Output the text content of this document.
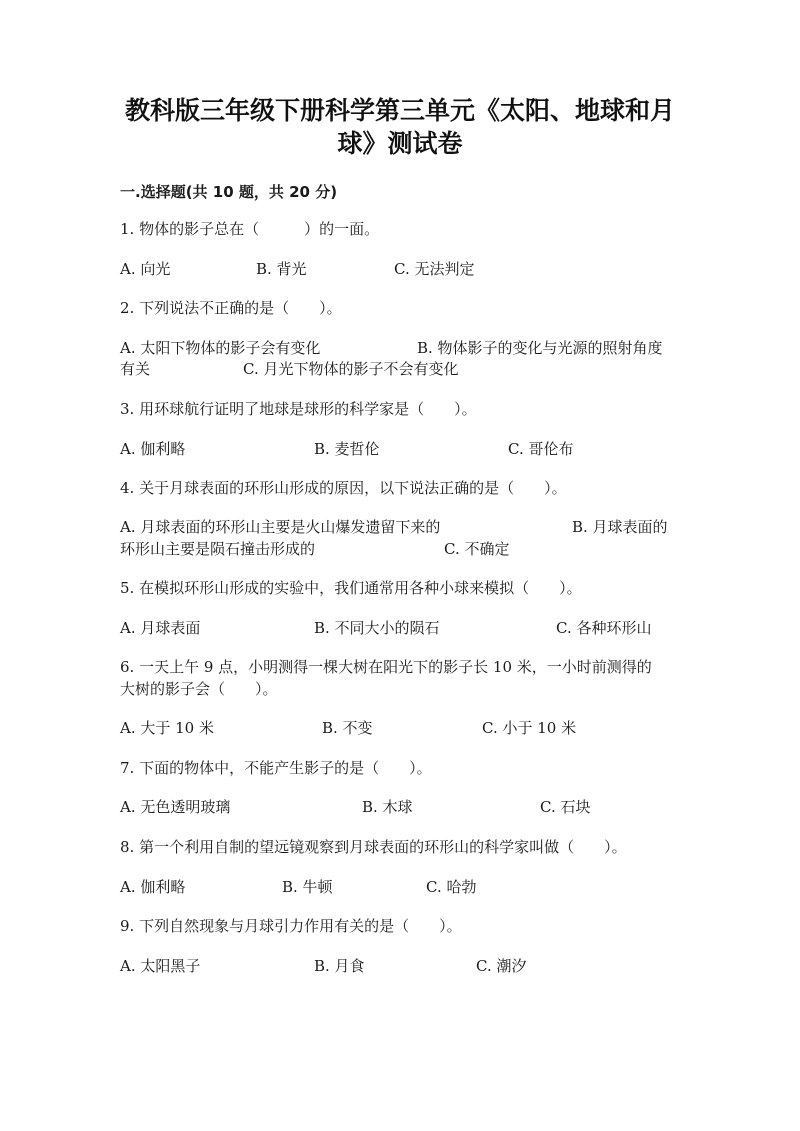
教科版三年级下册科学第三单元《太阳、地球和月
球》测试卷
一.选择题(共 10 题，共 20 分)
1. 物体的影子总在（　　　）的一面。
A. 向光	B. 背光	C. 无法判定
2. 下列说法不正确的是（　　）。
A. 太阳下物体的影子会有变化	B. 物体影子的变化与光源的照射角度
有关	C. 月光下物体的影子不会有变化
3. 用环球航行证明了地球是球形的科学家是（　　）。
A. 伽利略	B. 麦哲伦	C. 哥伦布
4. 关于月球表面的环形山形成的原因，以下说法正确的是（　　）。
A. 月球表面的环形山主要是火山爆发遗留下来的	B. 月球表面的
环形山主要是陨石撞击形成的	C. 不确定
5. 在模拟环形山形成的实验中，我们通常用各种小球来模拟（　　）。
A. 月球表面	B. 不同大小的陨石	C. 各种环形山
6. 一天上午 9 点，小明测得一棵大树在阳光下的影子长 10 米，一小时前测得的
大树的影子会（　　）。
A. 大于 10 米	B. 不变	C. 小于 10 米
7. 下面的物体中，不能产生影子的是（　　）。
A. 无色透明玻璃	B. 木球	C. 石块
8. 第一个利用自制的望远镜观察到月球表面的环形山的科学家叫做（　　）。
A. 伽利略	B. 牛顿	C. 哈勃
9. 下列自然现象与月球引力作用有关的是（　　）。
A. 太阳黑子	B. 月食	C. 潮汐
